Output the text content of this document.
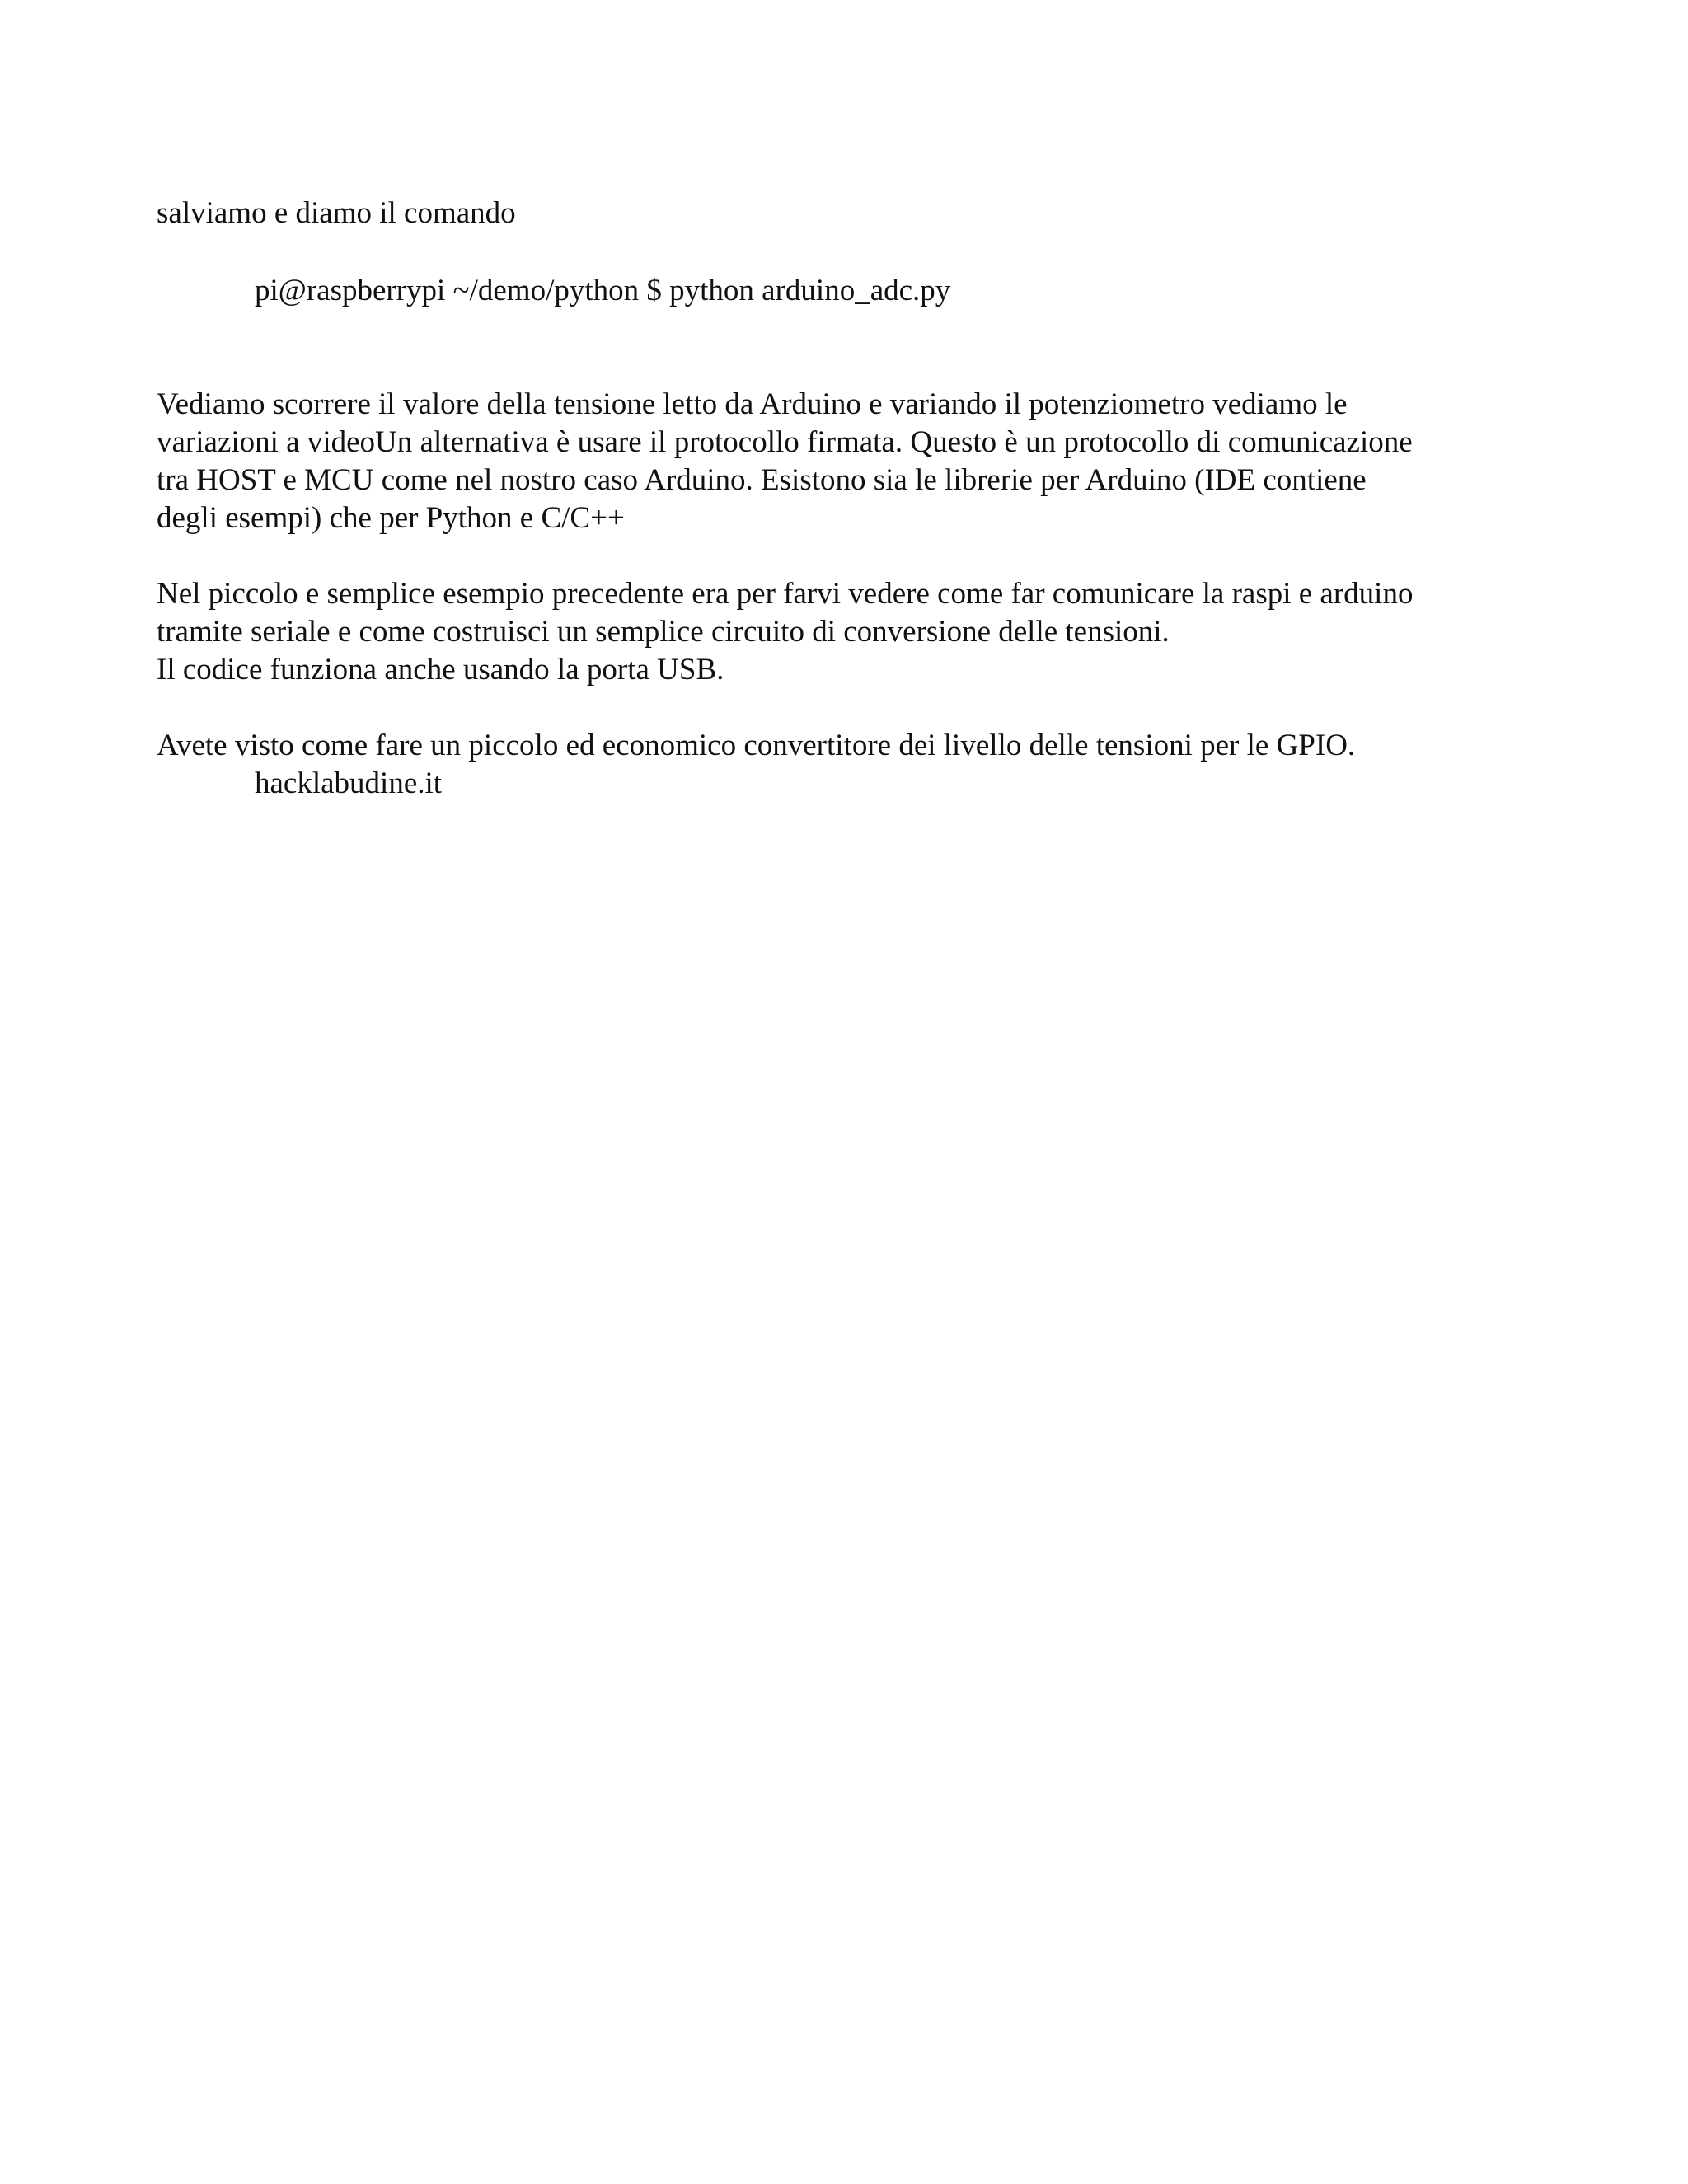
salviamo e diamo il comando
pi@raspberrypi ~/demo/python $ python arduino_adc.py
Vediamo scorrere il valore della tensione letto da Arduino e variando il potenziometro vediamo le
variazioni a videoUn alternativa è usare il protocollo firmata. Questo è un protocollo di comunicazione
tra HOST e MCU come nel nostro caso Arduino. Esistono sia le librerie per Arduino (IDE contiene
degli esempi) che per Python e C/C++
Nel piccolo e semplice esempio precedente era per farvi vedere come far comunicare la raspi e arduino
tramite seriale e come costruisci un semplice circuito di conversione delle tensioni.
Il codice funziona anche usando la porta USB.
Avete visto come fare un piccolo ed economico convertitore dei livello delle tensioni per le GPIO.
hacklabudine.it
